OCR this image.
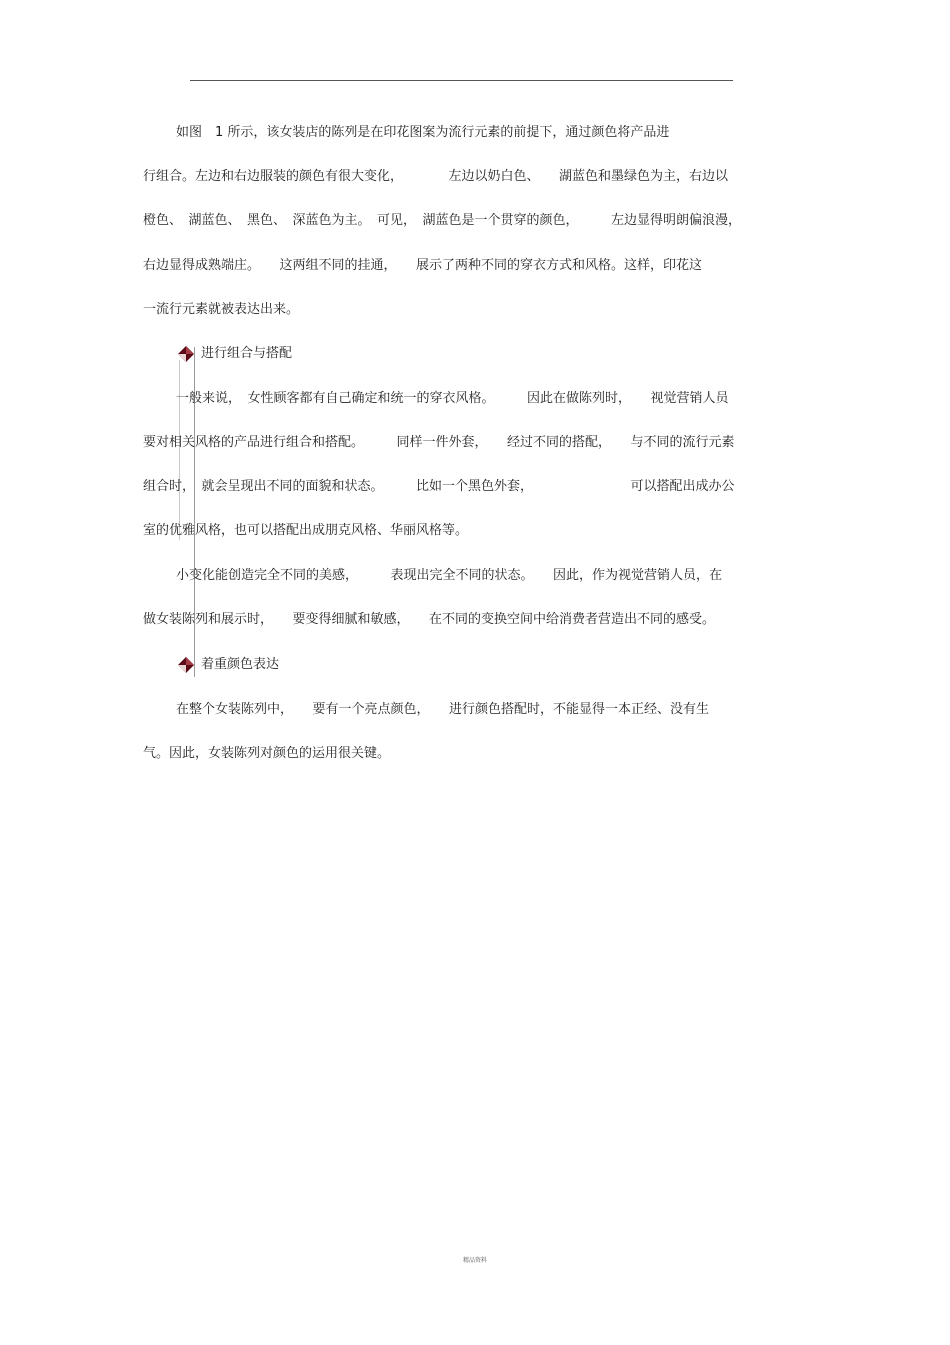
如图　1 所示，该女装店的陈列是在印花图案为流行元素的前提下，通过颜色将产品进
行组合。左边和右边服装的颜色有很大变化，　　　　左边以奶白色、　　湖蓝色和墨绿色为主，右边以
橙色、　湖蓝色、　黑色、　深蓝色为主。　可见，　湖蓝色是一个贯穿的颜色，　　　左边显得明朗偏浪漫，
右边显得成熟端庄。　　这两组不同的挂通，　　展示了两种不同的穿衣方式和风格。这样，印花这
一流行元素就被表达出来。
进行组合与搭配
一般来说，　女性顾客都有自己确定和统一的穿衣风格。　　　因此在做陈列时，　　视觉营销人员
要对相关风格的产品进行组合和搭配。　　　同样一件外套，　　经过不同的搭配，　　与不同的流行元素
组合时，　就会呈现出不同的面貌和状态。　　　比如一个黑色外套，　　　　　　　　可以搭配出成办公
室的优雅风格，也可以搭配出成朋克风格、华丽风格等。
小变化能创造完全不同的美感，　　　表现出完全不同的状态。　　因此，作为视觉营销人员，在
做女装陈列和展示时，　　要变得细腻和敏感，　　在不同的变换空间中给消费者营造出不同的感受。
着重颜色表达
在整个女装陈列中，　　要有一个亮点颜色，　　进行颜色搭配时，不能显得一本正经、没有生
气。因此，女装陈列对颜色的运用很关键。
精品资料
